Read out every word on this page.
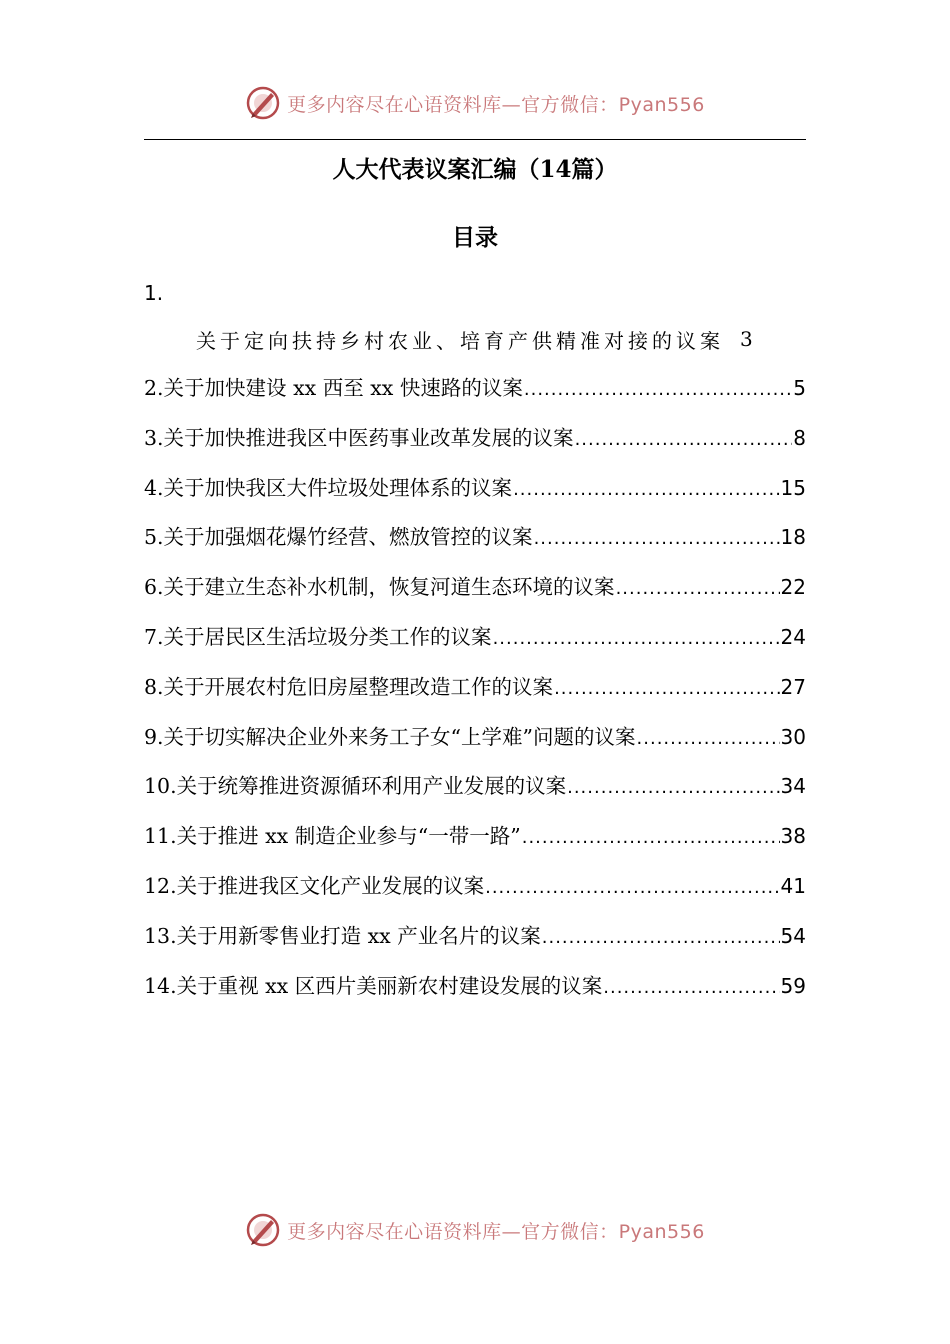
更多内容尽在心语资料库—官方微信：Pyan556
人大代表议案汇编（14篇）
目录
1.
关于定向扶持乡村农业、培育产供精准对接的议案 3
2.关于加快建设 xx 西至 xx 快速路的议案 .....	5
3.关于加快推进我区中医药事业改革发展的议案 .....	8
4.关于加快我区大件垃圾处理体系的议案 .....	15
5.关于加强烟花爆竹经营、燃放管控的议案 .....	18
6.关于建立生态补水机制，恢复河道生态环境的议案 .....	22
7.关于居民区生活垃圾分类工作的议案 .....	24
8.关于开展农村危旧房屋整理改造工作的议案 .....	27
9.关于切实解决企业外来务工子女“上学难”问题的议案 .....	30
10.关于统筹推进资源循环利用产业发展的议案 .....	34
11.关于推进 xx 制造企业参与“一带一路” .....	38
12.关于推进我区文化产业发展的议案 .....	41
13.关于用新零售业打造 xx 产业名片的议案 .....	54
14.关于重视 xx 区西片美丽新农村建设发展的议案 .....	59
更多内容尽在心语资料库—官方微信：Pyan556
